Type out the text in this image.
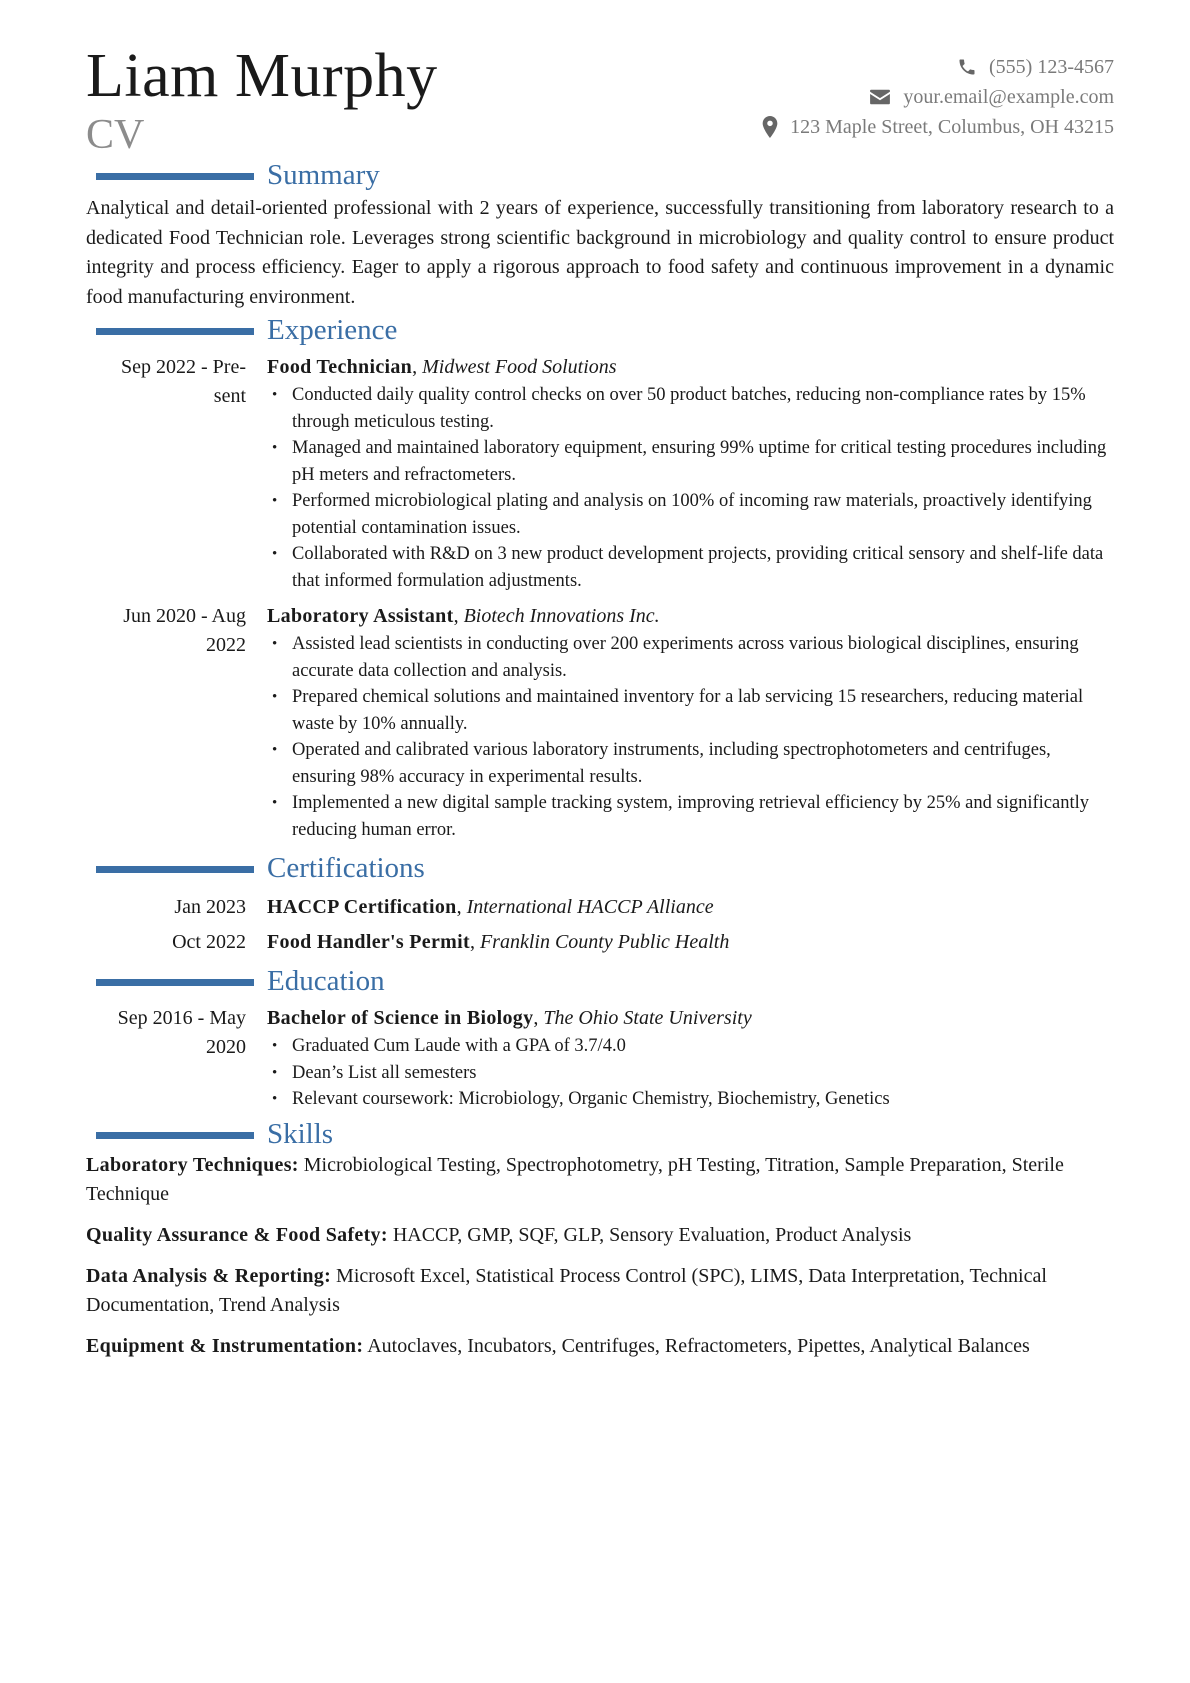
Liam Murphy
CV
(555) 123-4567
your.email@example.com
123 Maple Street, Columbus, OH 43215
Summary

Analytical and detail-oriented professional with 2 years of experience, successfully transitioning from laboratory research to a dedicated Food Technician role. Leverages strong scientific background in microbiology and quality control to ensure product integrity and process efficiency. Eager to apply a rigorous approach to food safety and continuous improvement in a dynamic food manufacturing environment.

Experience
Sep 2022 - Pre-
sent
Food Technician, Midwest Food Solutions
• Conducted daily quality control checks on over 50 product batches, reducing non-compliance rates by 15% through meticulous testing.
• Managed and maintained laboratory equipment, ensuring 99% uptime for critical testing procedures including pH meters and refractometers.
• Performed microbiological plating and analysis on 100% of incoming raw materials, proactively identifying potential contamination issues.
• Collaborated with R&D on 3 new product development projects, providing critical sensory and shelf-life data that informed formulation adjustments.
Jun 2020 - Aug
2022
Laboratory Assistant, Biotech Innovations Inc.
• Assisted lead scientists in conducting over 200 experiments across various biological disciplines, ensuring accurate data collection and analysis.
• Prepared chemical solutions and maintained inventory for a lab servicing 15 researchers, reducing material waste by 10% annually.
• Operated and calibrated various laboratory instruments, including spectrophotometers and centrifuges, ensuring 98% accuracy in experimental results.
• Implemented a new digital sample tracking system, improving retrieval efficiency by 25% and significantly reducing human error.
Certifications
Jan 2023	HACCP Certification, International HACCP Alliance
Oct 2022	Food Handler's Permit, Franklin County Public Health
Education
Sep 2016 - May
2020
Bachelor of Science in Biology, The Ohio State University
• Graduated Cum Laude with a GPA of 3.7/4.0
• Dean’s List all semesters
• Relevant coursework: Microbiology, Organic Chemistry, Biochemistry, Genetics
Skills

Laboratory Techniques: Microbiological Testing, Spectrophotometry, pH Testing, Titration, Sample Preparation, Sterile Technique

Quality Assurance & Food Safety: HACCP, GMP, SQF, GLP, Sensory Evaluation, Product Analysis

Data Analysis & Reporting: Microsoft Excel, Statistical Process Control (SPC), LIMS, Data Interpretation, Technical Documentation, Trend Analysis

Equipment & Instrumentation: Autoclaves, Incubators, Centrifuges, Refractometers, Pipettes, Analytical Balances
